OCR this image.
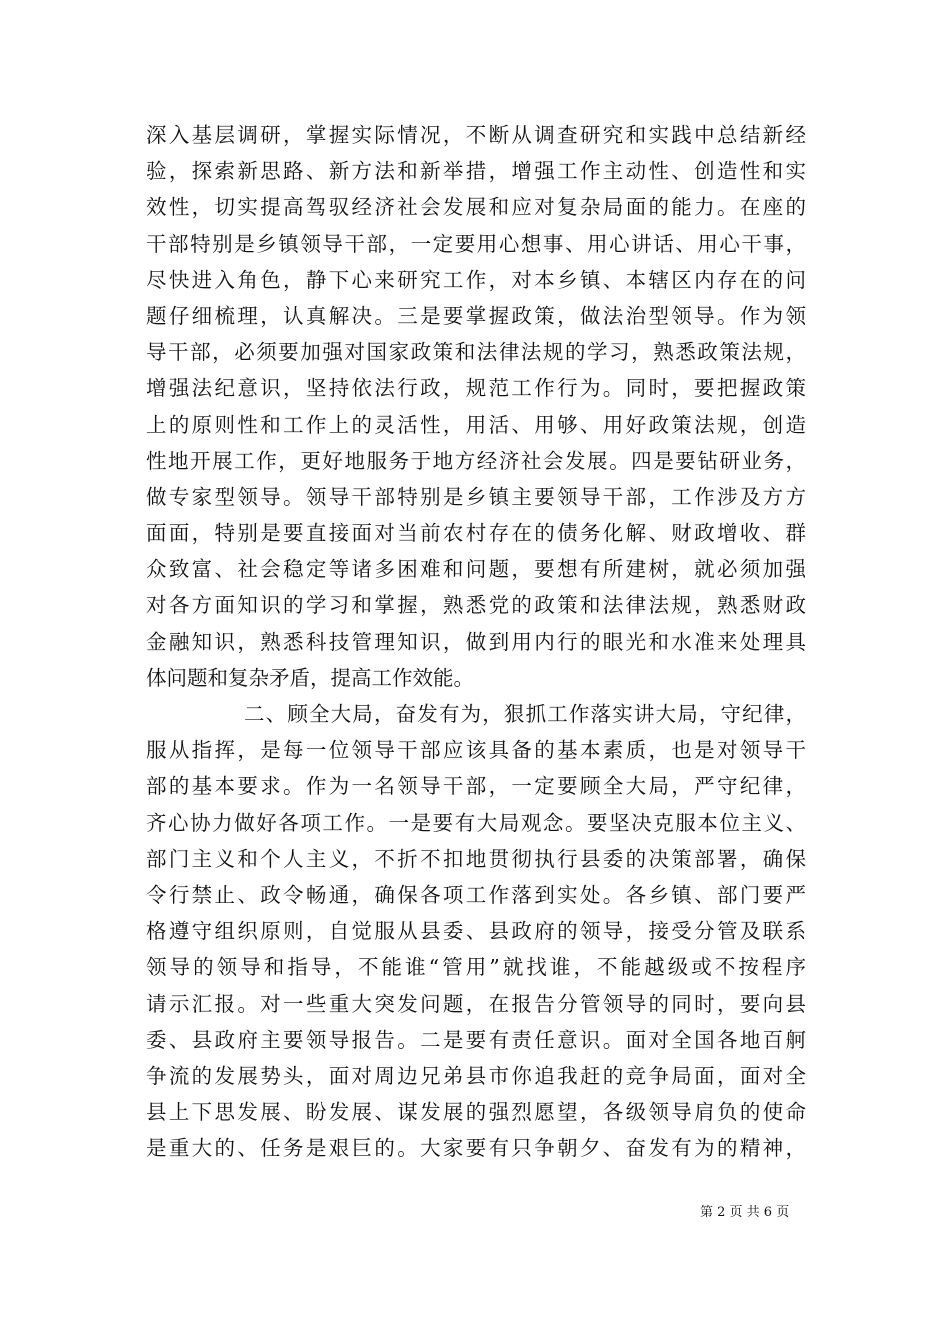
深入基层调研，掌握实际情况，不断从调查研究和实践中总结新经
验，探索新思路、新方法和新举措，增强工作主动性、创造性和实
效性，切实提高驾驭经济社会发展和应对复杂局面的能力。在座的
干部特别是乡镇领导干部，一定要用心想事、用心讲话、用心干事，
尽快进入角色，静下心来研究工作，对本乡镇、本辖区内存在的问
题仔细梳理，认真解决。三是要掌握政策，做法治型领导。作为领
导干部，必须要加强对国家政策和法律法规的学习，熟悉政策法规，
增强法纪意识，坚持依法行政，规范工作行为。同时，要把握政策
上的原则性和工作上的灵活性，用活、用够、用好政策法规，创造
性地开展工作，更好地服务于地方经济社会发展。四是要钻研业务，
做专家型领导。领导干部特别是乡镇主要领导干部，工作涉及方方
面面，特别是要直接面对当前农村存在的债务化解、财政增收、群
众致富、社会稳定等诸多困难和问题，要想有所建树，就必须加强
对各方面知识的学习和掌握，熟悉党的政策和法律法规，熟悉财政
金融知识，熟悉科技管理知识，做到用内行的眼光和水准来处理具
体问题和复杂矛盾，提高工作效能。
二、顾全大局，奋发有为，狠抓工作落实讲大局，守纪律，
服从指挥，是每一位领导干部应该具备的基本素质，也是对领导干
部的基本要求。作为一名领导干部，一定要顾全大局，严守纪律，
齐心协力做好各项工作。一是要有大局观念。要坚决克服本位主义、
部门主义和个人主义，不折不扣地贯彻执行县委的决策部署，确保
令行禁止、政令畅通，确保各项工作落到实处。各乡镇、部门要严
格遵守组织原则，自觉服从县委、县政府的领导，接受分管及联系
领导的领导和指导，不能谁“管用”就找谁，不能越级或不按程序
请示汇报。对一些重大突发问题，在报告分管领导的同时，要向县
委、县政府主要领导报告。二是要有责任意识。面对全国各地百舸
争流的发展势头，面对周边兄弟县市你追我赶的竞争局面，面对全
县上下思发展、盼发展、谋发展的强烈愿望，各级领导肩负的使命
是重大的、任务是艰巨的。大家要有只争朝夕、奋发有为的精神，
第 2 页 共 6 页
